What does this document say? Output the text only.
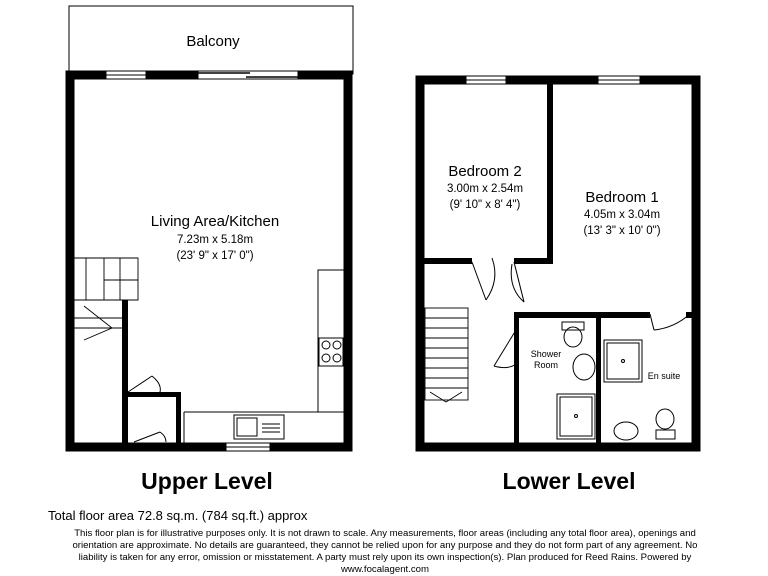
Balcony
Living Area/Kitchen
7.23m x 5.18m
(23' 9" x 17' 0")
Upper Level
Bedroom 2
3.00m x 2.54m
(9' 10" x 8' 4")	Bedroom 1
4.05m x 3.04m
(13' 3" x 10' 0")
Shower
Room
En suite
Lower Level
Total floor area 72.8 sq.m. (784 sq.ft.) approx
This floor plan is for illustrative purposes only. It is not drawn to scale. Any measurements, floor areas (including any total floor area), openings and
orientation are approximate. No details are guaranteed, they cannot be relied upon for any purpose and they do not form part of any agreement. No
liability is taken for any error, omission or misstatement. A party must rely upon its own inspection(s). Plan produced for Reed Rains. Powered by
www.focalagent.com
